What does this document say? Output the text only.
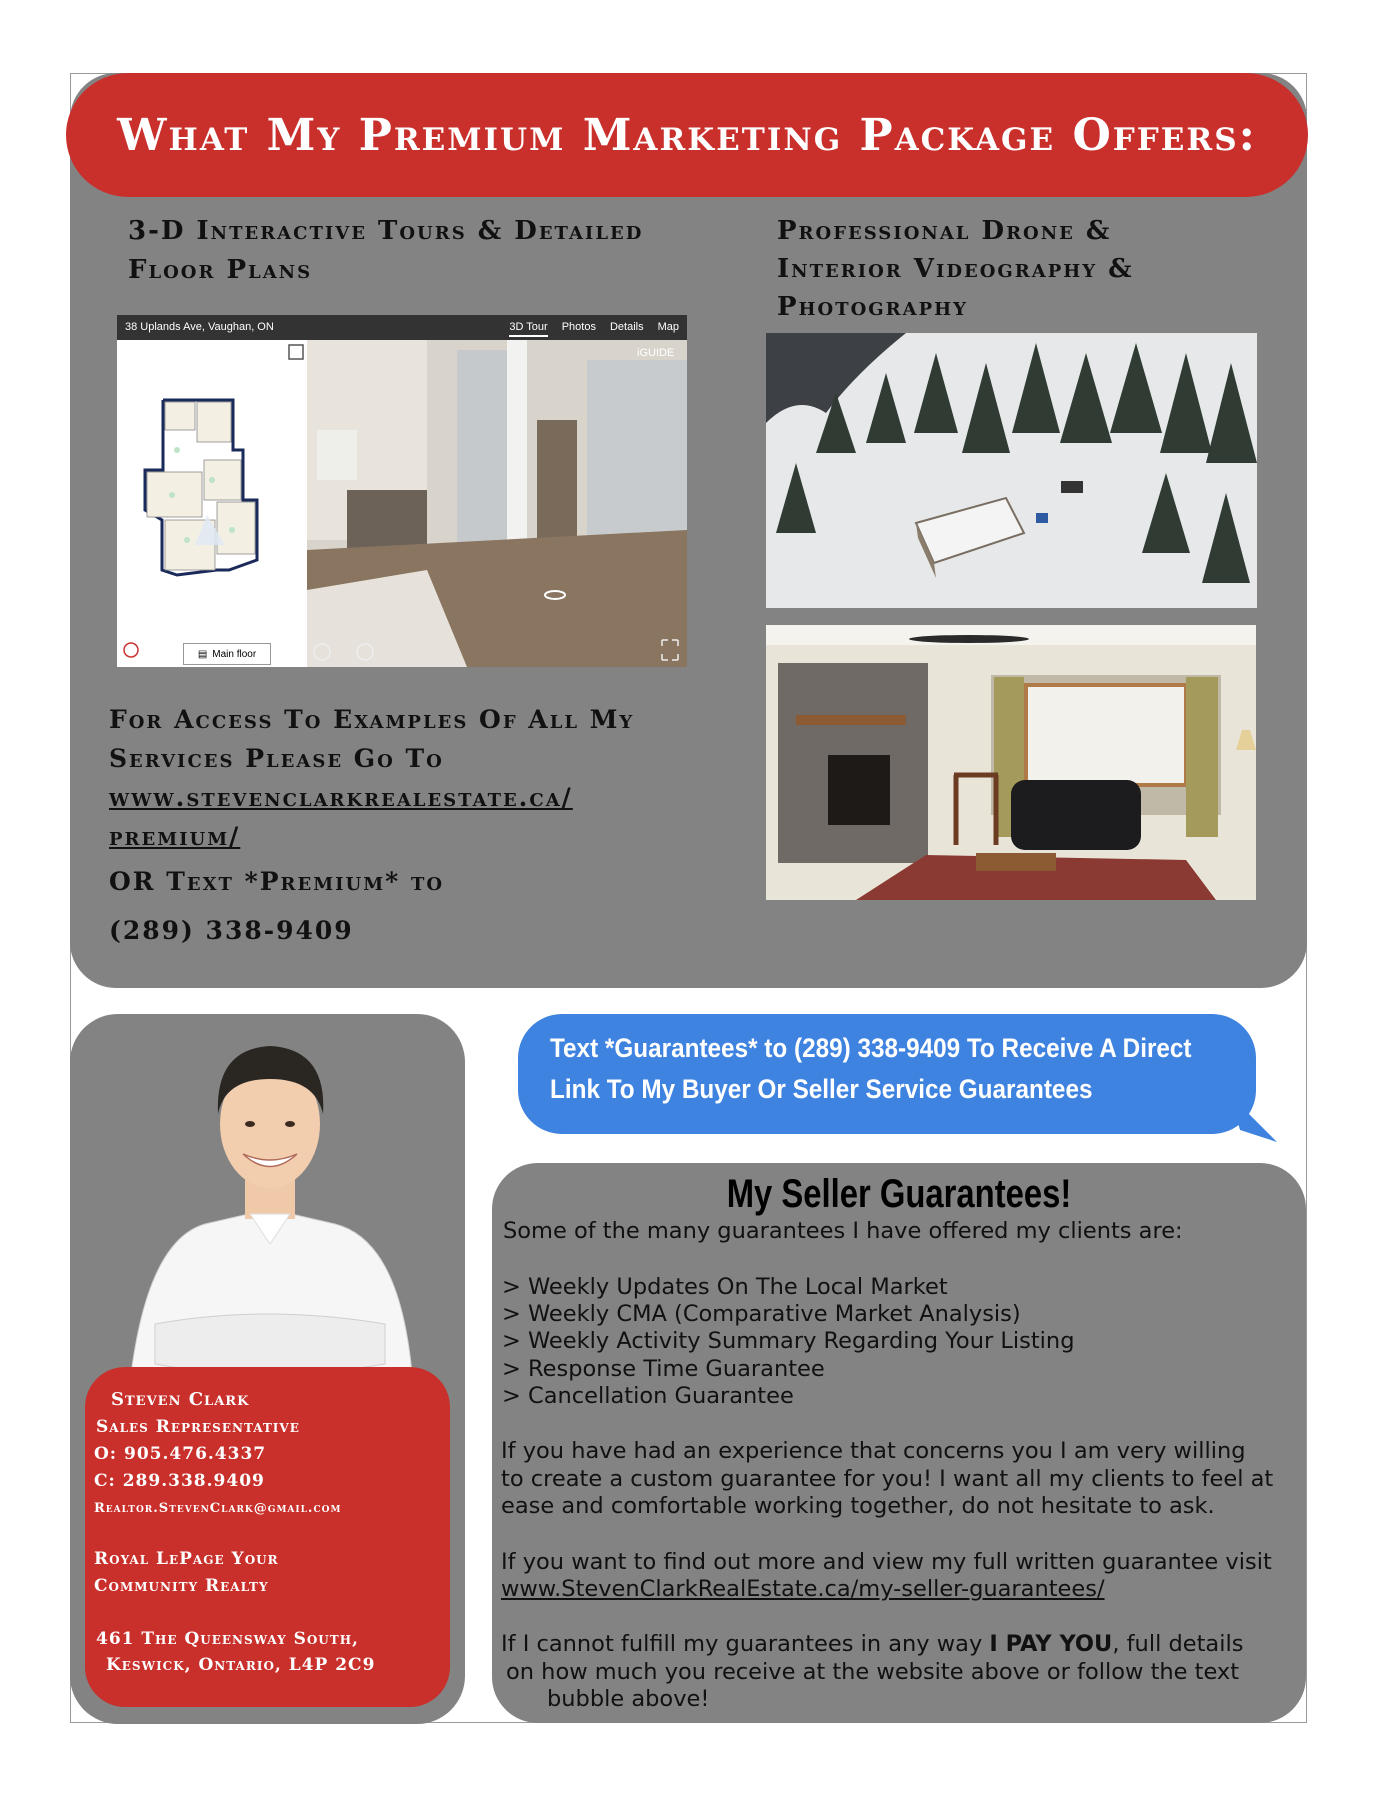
What My Premium Marketing Package Offers:
3-D Interactive Tours & Detailed
Floor Plans
Professional Drone &
Interior Videography &
Photography
38 Uplands Ave, Vaughan, ON	3D Tour Photos Details Map
iGUIDE
▤ Main floor
For Access To Examples Of All My
Services Please Go To
www.stevenclarkrealestate.ca/
premium/
OR Text *Premium* to
(289) 338-9409
Steven Clark
Sales Representative
O: 905.476.4337
C: 289.338.9409
Realtor.StevenClark@gmail.com
Royal LePage Your
Community Realty
461 The Queensway South,
Keswick, Ontario, L4P 2C9
Text *Guarantees* to (289) 338-9409 To Receive A Direct
Link To My Buyer Or Seller Service Guarantees
My Seller Guarantees!
Some of the many guarantees I have offered my clients are:
> Weekly Updates On The Local Market
> Weekly CMA (Comparative Market Analysis)
> Weekly Activity Summary Regarding Your Listing
> Response Time Guarantee
> Cancellation Guarantee
If you have had an experience that concerns you I am very willing
to create a custom guarantee for you! I want all my clients to feel at
ease and comfortable working together, do not hesitate to ask.
If you want to find out more and view my full written guarantee visit
www.StevenClarkRealEstate.ca/my-seller-guarantees/
If I cannot fulfill my guarantees in any way I PAY YOU, full details
on how much you receive at the website above or follow the text
bubble above!
